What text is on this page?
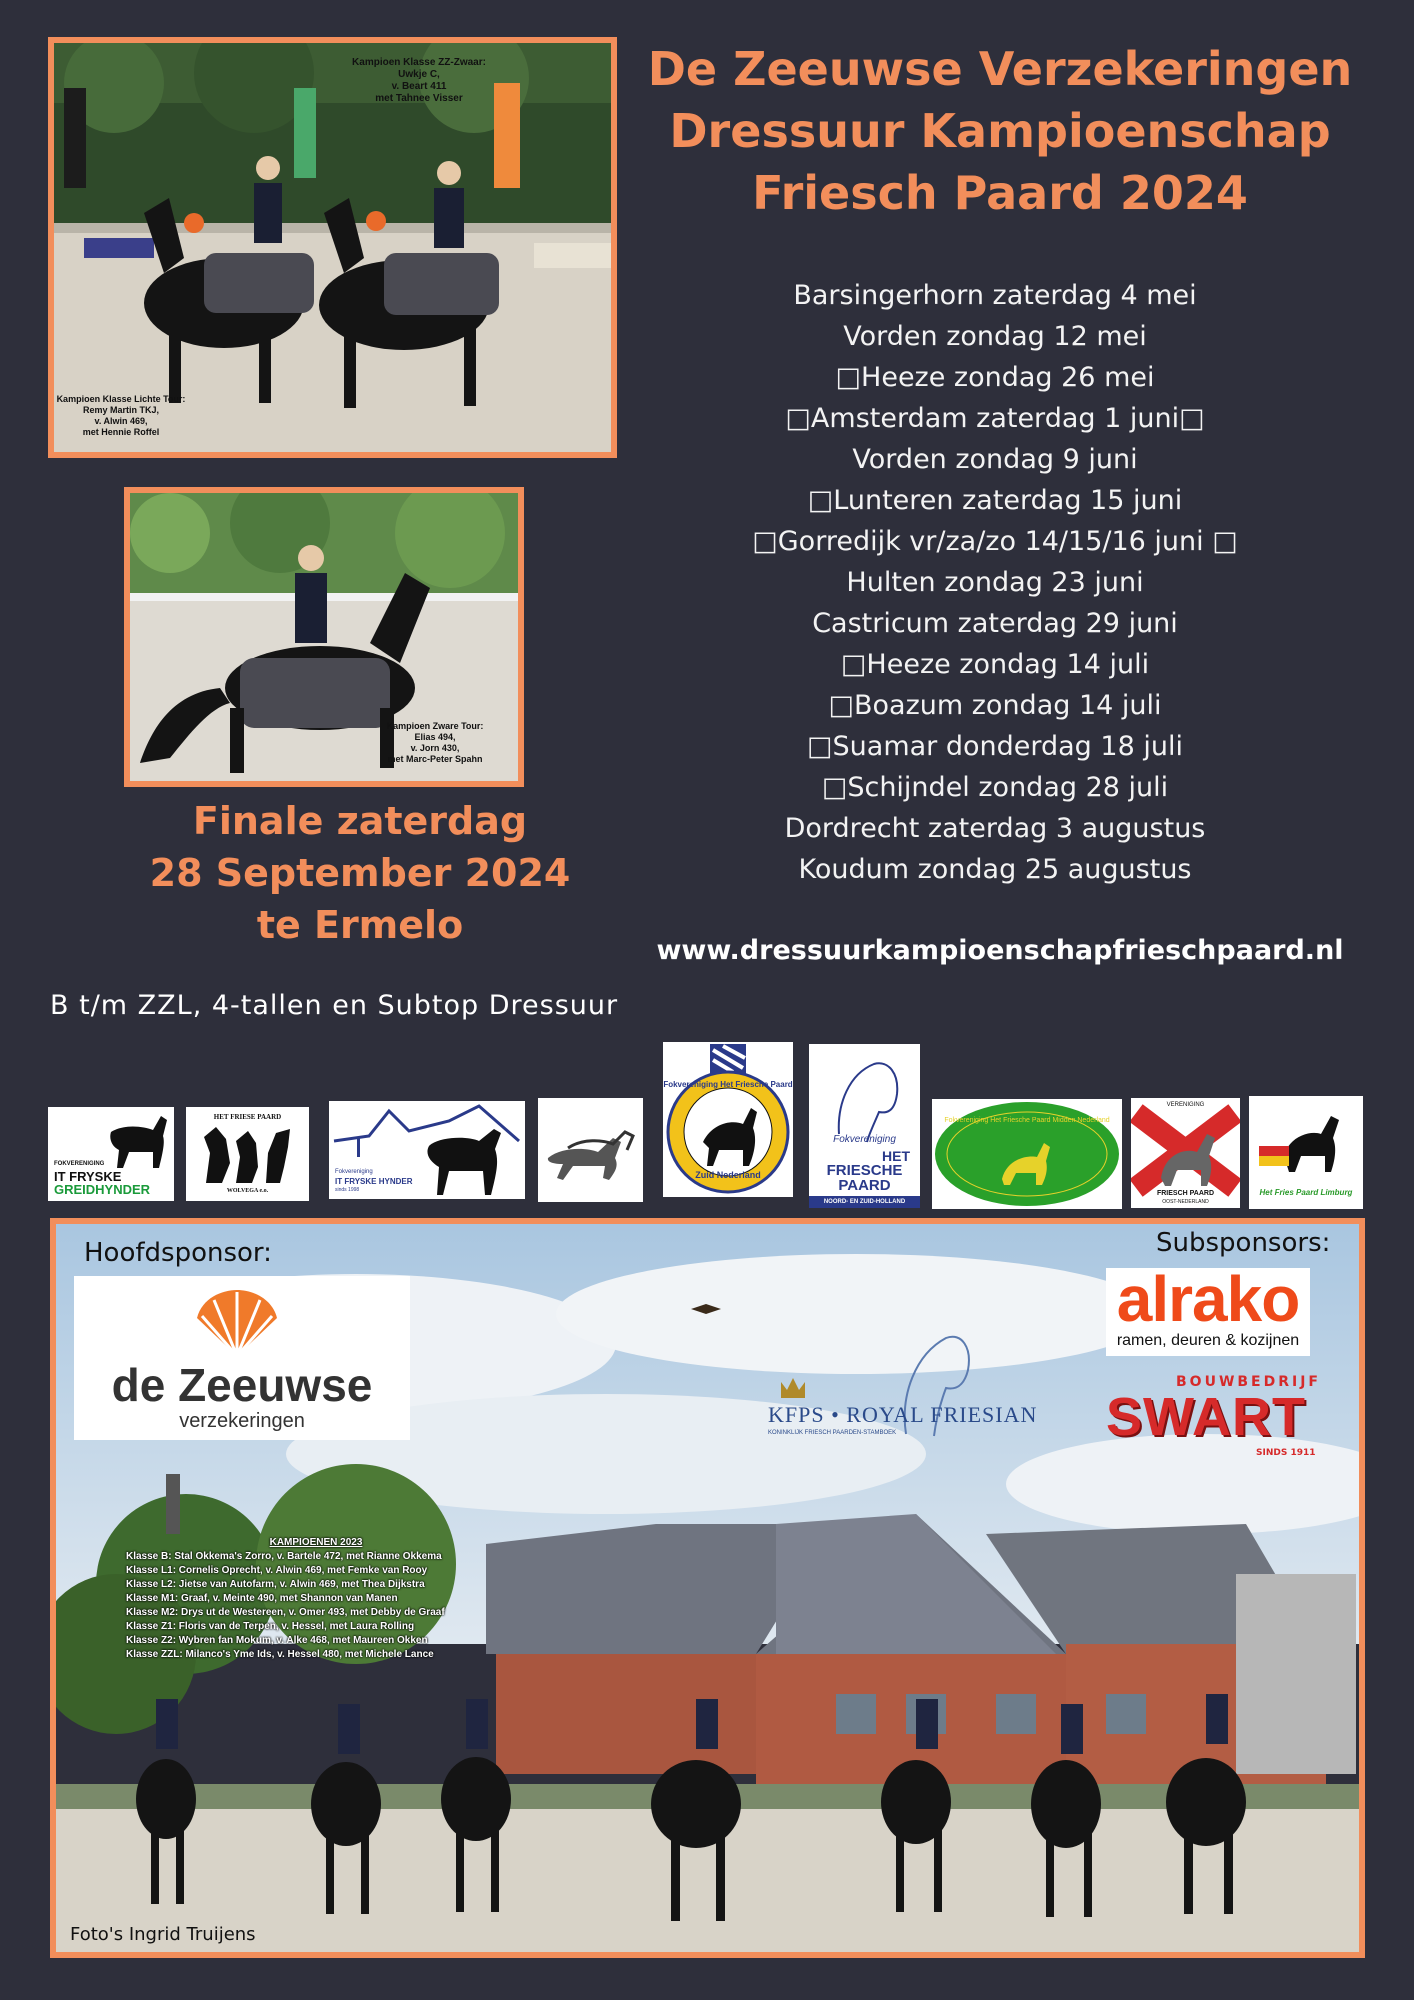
Kampioen Klasse ZZ-Zwaar:
Uwkje C,
v. Beart 411
met Tahnee Visser
Kampioen Klasse Lichte Tour:
Remy Martin TKJ,
v. Alwin 469,
met Hennie Roffel
Kampioen Zware Tour:
Elias 494,
v. Jorn 430,
met Marc-Peter Spahn
De Zeeuwse Verzekeringen
Dressuur Kampioenschap
Friesch Paard 2024
Barsingerhorn zaterdag 4 mei
Vorden zondag 12 mei
□Heeze zondag 26 mei
□Amsterdam zaterdag 1 juni□
Vorden zondag 9 juni
□Lunteren zaterdag 15 juni
□Gorredijk vr/za/zo 14/15/16 juni □
Hulten zondag 23 juni
Castricum zaterdag 29 juni
□Heeze zondag 14 juli
□Boazum zondag 14 juli
□Suamar donderdag 18 juli
□Schijndel zondag 28 juli
Dordrecht zaterdag 3 augustus
Koudum zondag 25 augustus
Finale zaterdag
28 September 2024
te Ermelo
www.dressuurkampioenschapfrieschpaard.nl
B t/m ZZL, 4-tallen en Subtop Dressuur
FOKVERENIGING
IT FRYSKE
GREIDHYNDER
HET FRIESE PAARD
WOLVEGA e.o.
Fokvereniging
IT FRYSKE HYNDER
sinds 1998
Fokvereniging Het Friesche Paard
Zuid Nederland
Fokvereniging
HET
FRIESCHE
PAARD
NOORD- EN ZUID-HOLLAND
Fokvereniging Het Friesche Paard Midden Nederland
VERENIGING
FRIESCH PAARD
OOST-NEDERLAND
Het Fries Paard Limburg
Hoofdsponsor:
de Zeeuwse
verzekeringen	KFPS • ROYAL FRIESIAN
KONINKLIJK FRIESCH PAARDEN-STAMBOEK
Subsponsors:
alrako
ramen, deuren & kozijnen
BOUWBEDRIJF
SWART
SINDS 1911
KAMPIOENEN 2023
Klasse B: Stal Okkema's Zorro, v. Bartele 472, met Rianne Okkema
Klasse L1: Cornelis Oprecht, v. Alwin 469, met Femke van Rooy
Klasse L2: Jietse van Autofarm, v. Alwin 469, met Thea Dijkstra
Klasse M1: Graaf, v. Meinte 490, met Shannon van Manen
Klasse M2: Drys ut de Westereen, v. Omer 493, met Debby de Graaf
Klasse Z1: Floris van de Terpen, v. Hessel, met Laura Rolling
Klasse Z2: Wybren fan Mokum, v. Alke 468, met Maureen Okken
Klasse ZZL: Milanco's Yme Ids, v. Hessel 480, met Michele Lance
Foto's Ingrid Truijens
